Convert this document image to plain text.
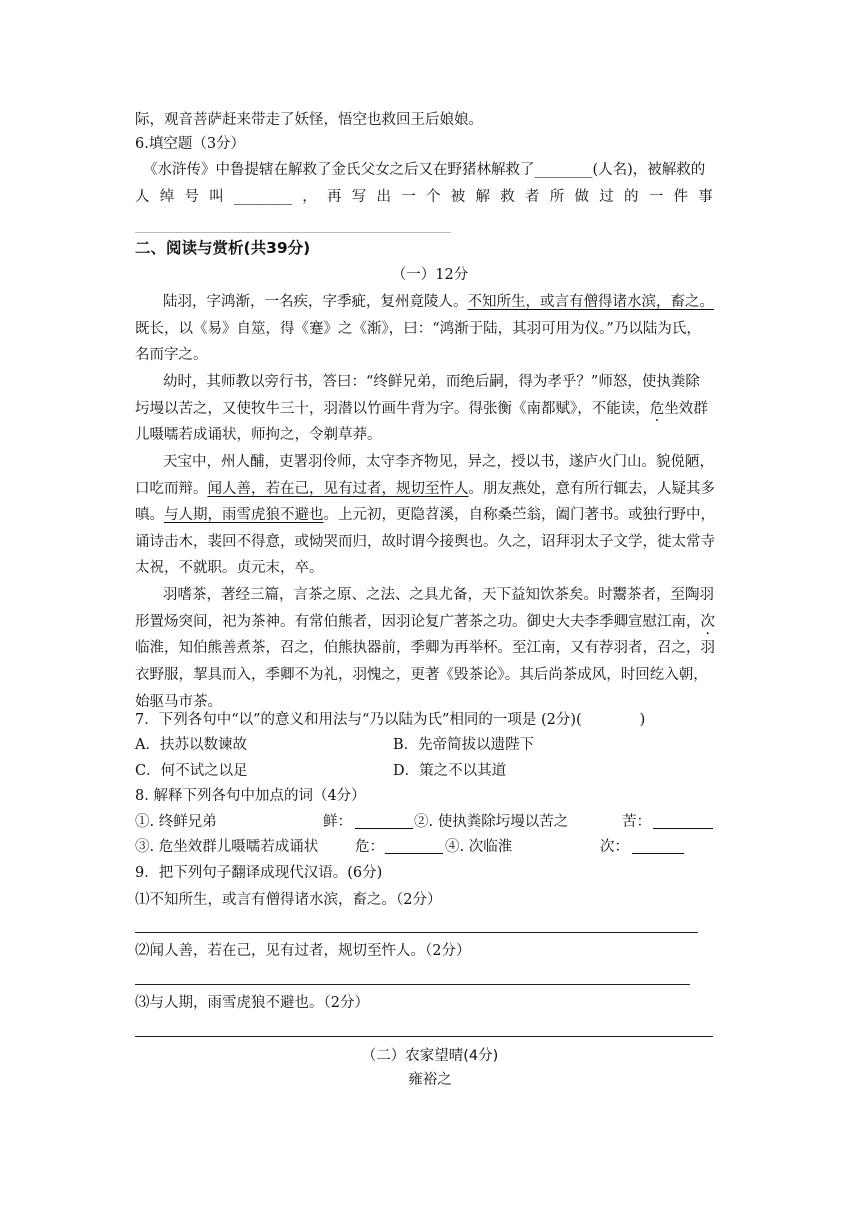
际，观音菩萨赶来带走了妖怪，悟空也救回王后娘娘。
6.填空题（3分）
《水浒传》中鲁提辖在解救了金氏父女之后又在野猪林解救了________(人名)，被解救的
人 绰 号 叫 ________ ， 再 写 出 一 个 被 解 救 者 所 做 过 的 一 件 事
二、阅读与赏析(共39分)
（一）12分
陆羽，字鸿渐，一名疾，字季疵，复州竟陵人。不知所生，或言有僧得诸水滨，畜之。
既长，以《易》自筮，得《蹇》之《渐》，曰：“鸿渐于陆，其羽可用为仪。”乃以陆为氏，
名而字之。
幼时，其师教以旁行书，答曰：“终鲜兄弟，而绝后嗣，得为孝乎？”师怒，使执粪除
圬墁以苦之，又使牧牛三十，羽潜以竹画牛背为字。得张衡《南都赋》，不能读，危坐效群
儿嗫嚅若成诵状，师拘之，令剃草莽。
天宝中，州人酺，吏署羽伶师，太守李齐物见，异之，授以书，遂庐火门山。貌侻陋，
口吃而辩。闻人善，若在己，见有过者，规切至忤人。朋友燕处，意有所行辄去，人疑其多
嗔。与人期，雨雪虎狼不避也。上元初，更隐苕溪，自称桑苎翁，阖门著书。或独行野中，
诵诗击木，裴回不得意，或恸哭而归，故时谓今接舆也。久之，诏拜羽太子文学，徙太常寺
太祝，不就职。贞元末，卒。
羽嗜茶，著经三篇，言茶之原、之法、之具尤备，天下益知饮茶矣。时鬻茶者，至陶羽
形置炀突间，祀为茶神。有常伯熊者，因羽论复广著茶之功。御史大夫李季卿宣慰江南，次
临淮，知伯熊善煮茶，召之，伯熊执器前，季卿为再举杯。至江南，又有荐羽者，召之，羽
衣野服，挈具而入，季卿不为礼，羽愧之，更著《毁茶论》。其后尚茶成风，时回纥入朝，
始驱马市茶。
7．下列各句中“以”的意义和用法与“乃以陆为氏”相同的一项是 (2分)(　　　　)
A．扶苏以数谏故	B．先帝简拔以遗陛下
C．何不试之以足	D．策之不以其道
8. 解释下列各句中加点的词（4分）
①. 终鲜兄弟	鲜：	②. 使执粪除圬墁以苦之	苦：
③. 危坐效群儿嗫嚅若成诵状	危：	④. 次临淮	次：
9．把下列句子翻译成现代汉语。(6分)
⑴不知所生，或言有僧得诸水滨，畜之。（2分）
⑵闻人善，若在己，见有过者，规切至忤人。（2分）
⑶与人期，雨雪虎狼不避也。（2分）
（二）农家望晴(4分)
雍裕之
